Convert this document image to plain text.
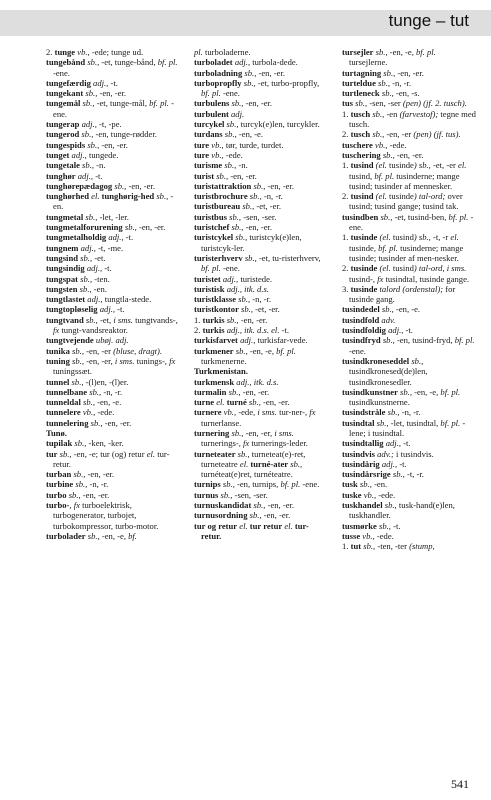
tunge – tut

2. tunge vb., -ede; tunge ud.

tungebånd sb., -et, tunge-bånd, bf. pl. -ene.

tungefærdig adj., -t.

tungekant sb., -en, -er.

tungemål sb., -et, tunge-mål, bf. pl. -ene.

tungerap adj., -t, -pe.

tungerod sb., -en, tunge-rødder.

tungespids sb., -en, -er.

tunget adj., tungede.

tungetale sb., -n.

tunghør adj., -t.

tunghørepædagog sb., -en, -er.

tunghørhed el. tunghørig-hed sb., -en.

tungmetal sb., -let, -ler.

tungmetalforurening sb., -en, -er.

tungmetalholdig adj., -t.

tungnem adj., -t, -me.

tungsind sb., -et.

tungsindig adj., -t.

tungspat sb., -ten.

tungsten sb., -en.

tungtlastet adj., tungtla-stede.

tungtopløselig adj., -t.

tungtvand sb., -et, i sms. tungtvands-, fx tungt-vandsreaktor.

tungtvejende ubøj. adj.

tunika sb., -en, -er (bluse, dragt).

tuning sb., -en, -er, i sms. tunings-, fx tuningssæt.

tunnel sb., -(l)en, -(l)er.

tunnelbane sb., -n, -r.

tunneldal sb., -en, -e.

tunnelere vb., -ede.

tunnelering sb., -en, -er.

Tunø.

tupilak sb., -ken, -ker.

tur sb., -en, -e; tur (og) retur el. tur-retur.

turban sb., -en, -er.

turbine sb., -n, -r.

turbo sb., -en, -er.

turbo-, fx turboelektrisk, turbogenerator, turbojet, turbokompressor, turbo-motor.

turbolader sb., -en, -e, bf.

pl. turboladerne.

turboladet adj., turbola-dede.

turboladning sb., -en, -er.

turbopropfly sb., -et, turbo-propfly, bf. pl. -ene.

turbulens sb., -en, -er.

turbulent adj.

turcykel sb., turcyk(e)len, turcykler.

turdans sb., -en, -e.

ture vb., tør, turde, turdet.

ture vb., -ede.

turisme sb., -n.

turist sb., -en, -er.

turistattraktion sb., -en, -er.

turistbrochure sb., -n, -r.

turistbureau sb., -et, -er.

turistbus sb., -sen, -ser.

turistchef sb., -en, -er.

turistcykel sb., turistcyk(e)len, turistcyk-ler.

turisterhverv sb., -et, tu-risterhverv, bf. pl. -ene.

turistet adj., turistede.

turistisk adj., itk. d.s.

turistklasse sb., -n, -r.

turistkontor sb., -et, -er.

1. turkis sb., -en, -er.

2. turkis adj., itk. d.s. el. -t.

turkisfarvet adj., turkisfar-vede.

turkmener sb., -en, -e, bf. pl. turkmenerne.

Turkmenistan.

turkmensk adj., itk. d.s.

turmalin sb., -en, -er.

turne el. turné sb., -en, -er.

turnere vb., -ede, i sms. tur-ner-, fx turnerlanse.

turnering sb., -en, -er, i sms. turnerings-, fx turnerings-leder.

turneteater sb., turneteat(e)-ret, turneteatre el. turné-ater sb., turnéteat(e)ret, turnéteatre.

turnips sb., -en, turnips, bf. pl. -ene.

turnus sb., -sen, -ser.

turnuskandidat sb., -en, -er.

turnusordning sb., -en, -er.

tur og retur el. tur retur el. tur-retur.

tursejler sb., -en, -e, bf. pl. tursejlerne.

turtagning sb., -en, -er.

turteldue sb., -n, -r.

turtleneck sb., -en, -s.

tus sb., -sen, -ser (pen) (jf. 2. tusch).

1. tusch sb., -en (farvestof); tegne med tusch.

2. tusch sb., -en, -er (pen) (jf. tus).

tuschere vb., -ede.

tuschering sb., -en, -er.

1. tusind (el. tusinde) sb., -et, -er el. tusind, bf. pl. tusinderne; mange tusind; tusinder af mennesker.

2. tusind (el. tusinde) tal-ord; over tusind; tusind gange; tusind tak.

tusindben sb., -et, tusind-ben, bf. pl. -ene.

1. tusinde (el. tusind) sb., -t, -r el. tusinde, bf. pl. tusinderne; mange tusinde; tusinder af men-nesker.

2. tusinde (el. tusind) tal-ord, i sms. tusind-, fx tusindtal, tusinde gange.

3. tusinde talord (ordenstal); for tusinde gang.

tusindedel sb., -en, -e.

tusindfold adv.

tusindfoldig adj., -t.

tusindfryd sb., -en, tusind-fryd, bf. pl. -ene.

tusindkroneseddel sb., tusindkronesed(de)len, tusindkronesedler.

tusindkunstner sb., -en, -e, bf. pl. tusindkunstnerne.

tusindstråle sb., -n, -r.

tusindtal sb., -let, tusindtal, bf. pl. -lene; i tusindtal.

tusindtallig adj., -t.

tusindvis adv.; i tusindvis.

tusindårig adj., -t.

tusindårsrige sb., -t, -r.

tusk sb., -en.

tuske vb., -ede.

tuskhandel sb., tusk-hand(e)len, tuskhandler.

tusmørke sb., -t.

tusse vb., -ede.

1. tut sb., -ten, -ter (stump,

541
